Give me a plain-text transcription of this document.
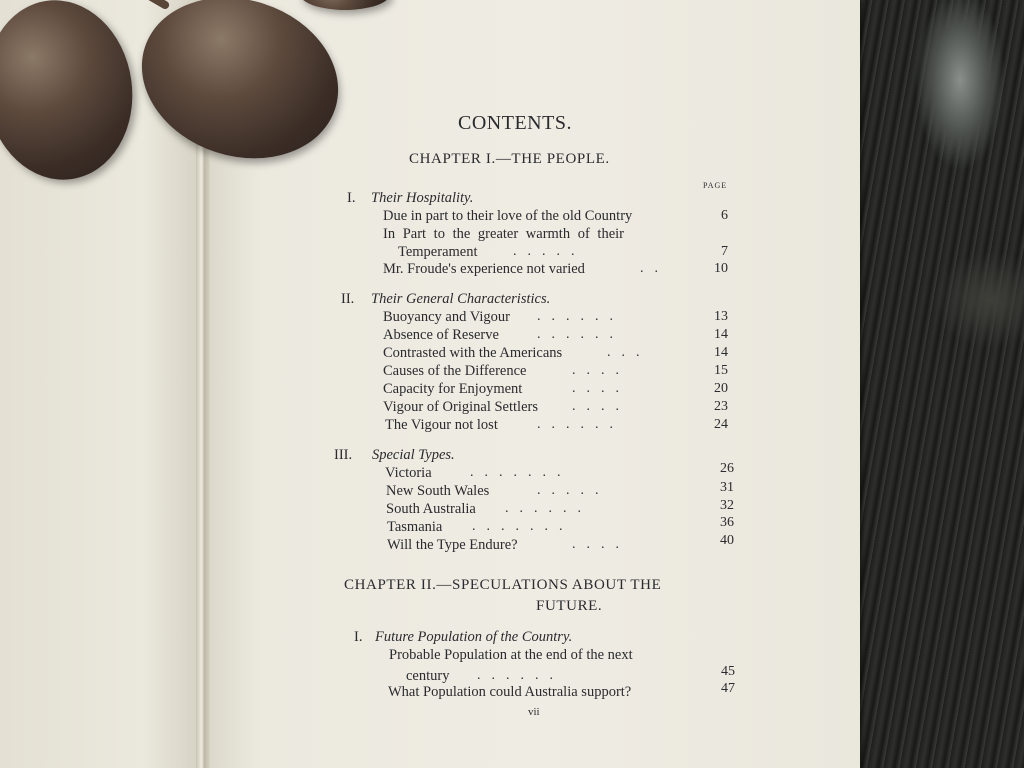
CONTENTS.
CHAPTER I.—THE PEOPLE.
PAGE
I. Their Hospitality.
Due in part to their love of the old Country	6
In Part to the greater warmth of their
Temperament	.....	7
Mr. Froude's experience not varied	..	10
II. Their General Characteristics.
Buoyancy and Vigour ......	13
Absence of Reserve	......	14
Contrasted with the Americans	...	14
Causes of the Difference	....	15
Capacity for Enjoyment	....	20
Vigour of Original Settlers ....	23
The Vigour not lost	......	24
III. Special Types.
Victoria	.......	26
New South Wales	.....	31
South Australia ......	32
Tasmania .......	36
Will the Type Endure?	....	40
CHAPTER II.—SPECULATIONS ABOUT THE
FUTURE.
I. Future Population of the Country.
Probable Population at the end of the next
century ......	45
What Population could Australia support?	47
vii
